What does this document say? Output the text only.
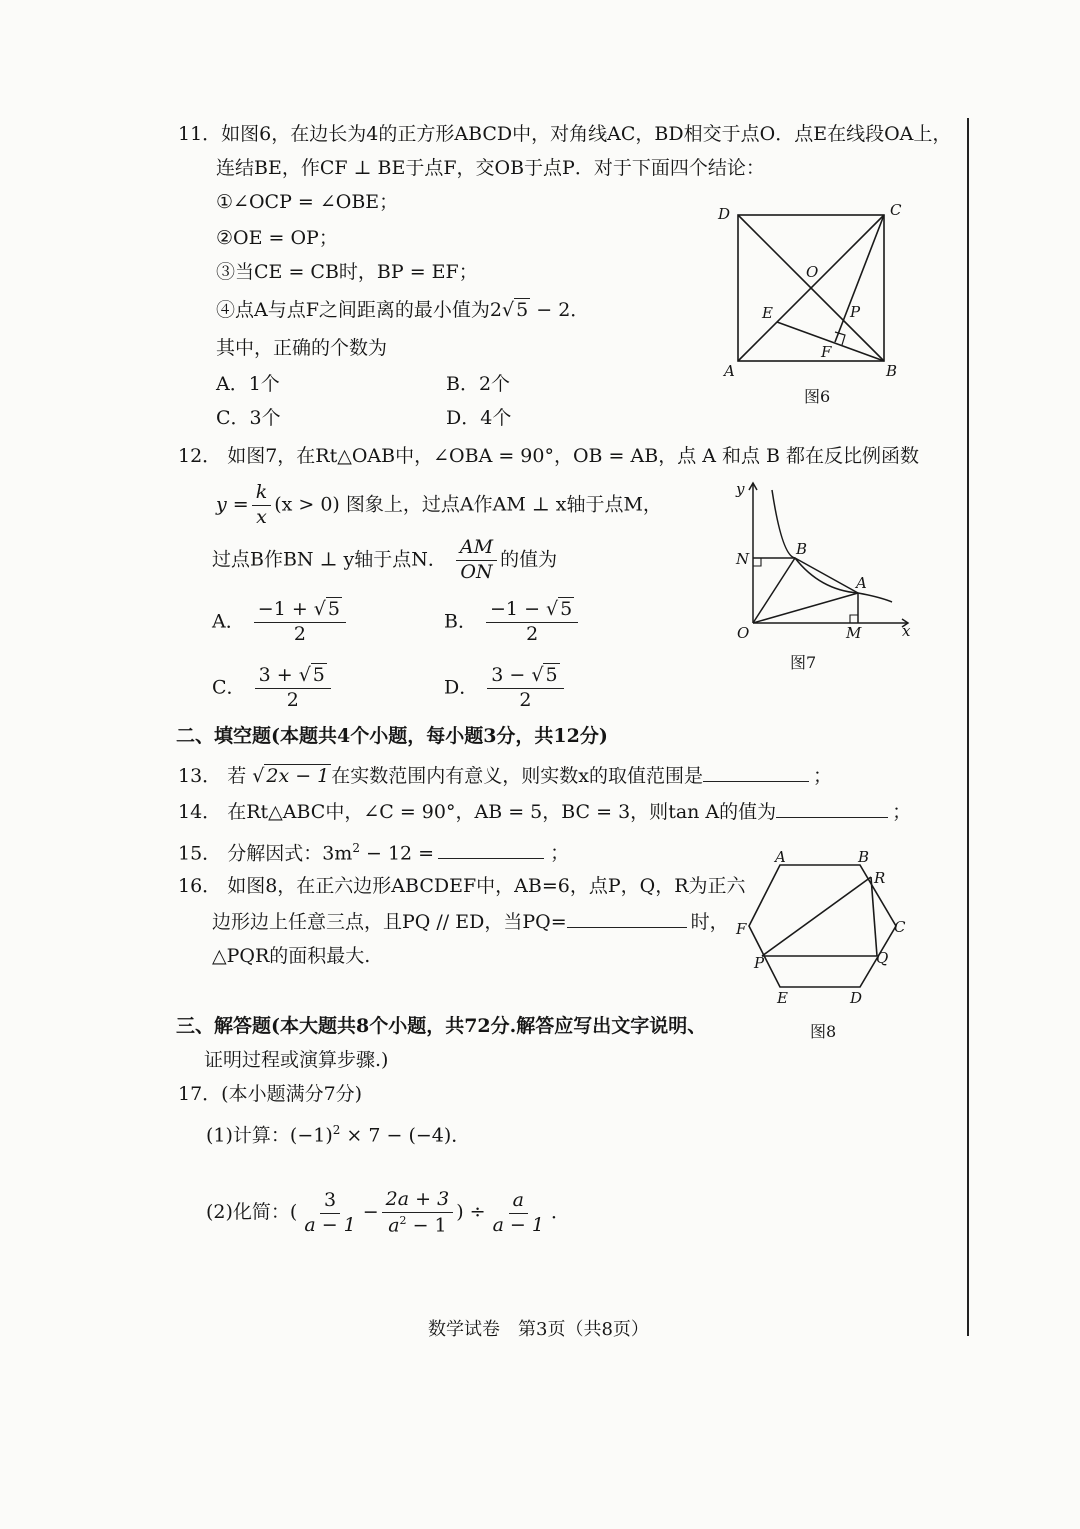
11．如图6，在边长为4的正方形ABCD中，对角线AC，BD相交于点O．点E在线段OA上，
连结BE，作CF ⊥ BE于点F，交OB于点P．对于下面四个结论：
①∠OCP = ∠OBE；
②OE = OP；
③当CE = CB时，BP = EF；
④点A与点F之间距离的最小值为2√ 5 − 2．
其中，正确的个数为
A．1个	B．2个
C．3个	D．4个
D	C
O
E	P
F
A	B
图6
12． 如图7，在Rt△OAB中，∠OBA = 90°，OB = AB，点 A 和点 B 都在反比例函数
$y = \frac{k}{x} (x > 0)$ 图象上，过点A作AM ⊥ x轴于点M，
过点B作BN ⊥ y轴于点N． $\frac{AM}{ON}$ 的值为
A． $\frac{-1 + √ 5}{2}$	B． $\frac{-1 - √ 5}{2}$
C． $\frac{3 + √ 5}{2}$	D． $\frac{3 - √ 5}{2}$
y
N
B
A
O	M	x
图7
二、填空题(本题共4个小题，每小题3分，共12分)
13． 若 √ 2x − 1 在实数范围内有意义，则实数x的取值范围是	；
14． 在Rt△ABC中，∠C = 90°，AB = 5，BC = 3，则tan A的值为	；
15． 分解因式：$3m^2 - 12$ =	；
16． 如图8，在正六边形ABCDEF中，AB=6，点P，Q，R为正六
边形边上任意三点，且PQ // ED，当PQ=	时，
△PQR的面积最大.
A	B
R
F	C
P	Q
E	D
图8
三、解答题(本大题共8个小题，共72分.解答应写出文字说明、
证明过程或演算步骤.)
17．(本小题满分7分)
(1)计算：$(-1)^2 \times 7 - (-4)$．
(2)化简：( $\frac{3}{a - 1} - \frac{2a + 3}{a^2 - 1}$ ) ÷ $\frac{a}{a - 1}$ ．
数学试卷　第3页（共8页）
